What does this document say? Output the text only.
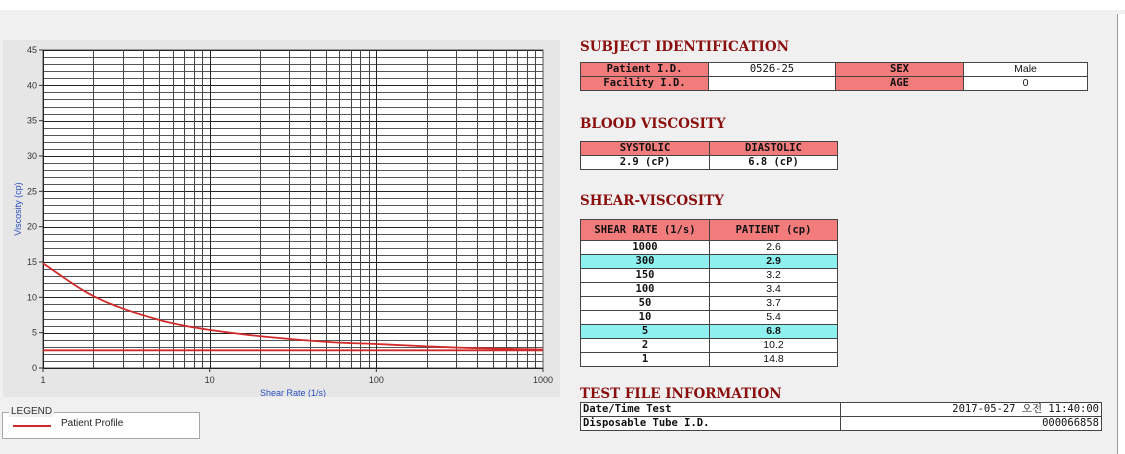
0
5
10
15
20
25
30
35
40
45
1	10	100	1000
Shear Rate (1/s)
Viscosity (cp)
LEGEND
Patient Profile
SUBJECT IDENTIFICATION
Patient I.D.	0526-25	SEX	Male
Facility I.D.		AGE	0
BLOOD VISCOSITY
SYSTOLIC	DIASTOLIC
2.9 (cP)	6.8 (cP)
SHEAR-VISCOSITY
SHEAR RATE (1/s)	PATIENT (cp)
1000	2.6
300	2.9
150	3.2
100	3.4
50	3.7
10	5.4
5	6.8
2	10.2
1	14.8
TEST FILE INFORMATION
Date/Time Test	2017-05-27 오전 11:40:00
Disposable Tube I.D.	000066858
